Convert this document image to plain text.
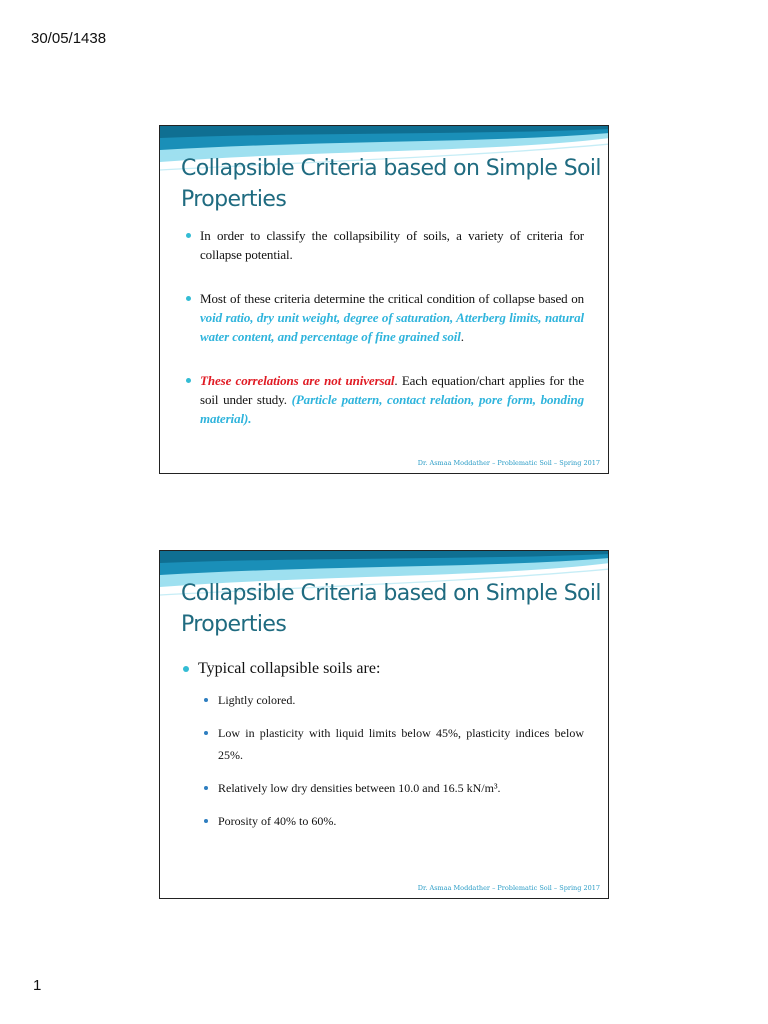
30/05/1438
Collapsible Criteria based on Simple Soil Properties
In order to classify the collapsibility of soils, a variety of criteria for collapse potential.
Most of these criteria determine the critical condition of collapse based on void ratio, dry unit weight, degree of saturation, Atterberg limits, natural water content, and percentage of fine grained soil.
These correlations are not universal. Each equation/chart applies for the soil under study. (Particle pattern, contact relation, pore form, bonding material).
Dr. Asmaa Moddather – Problematic Soil – Spring 2017
Collapsible Criteria based on Simple Soil Properties
Typical collapsible soils are:
Lightly colored.
Low in plasticity with liquid limits below 45%, plasticity indices below 25%.
Relatively low dry densities between 10.0 and 16.5 kN/m³.
Porosity of 40% to 60%.
Dr. Asmaa Moddather – Problematic Soil – Spring 2017
1
